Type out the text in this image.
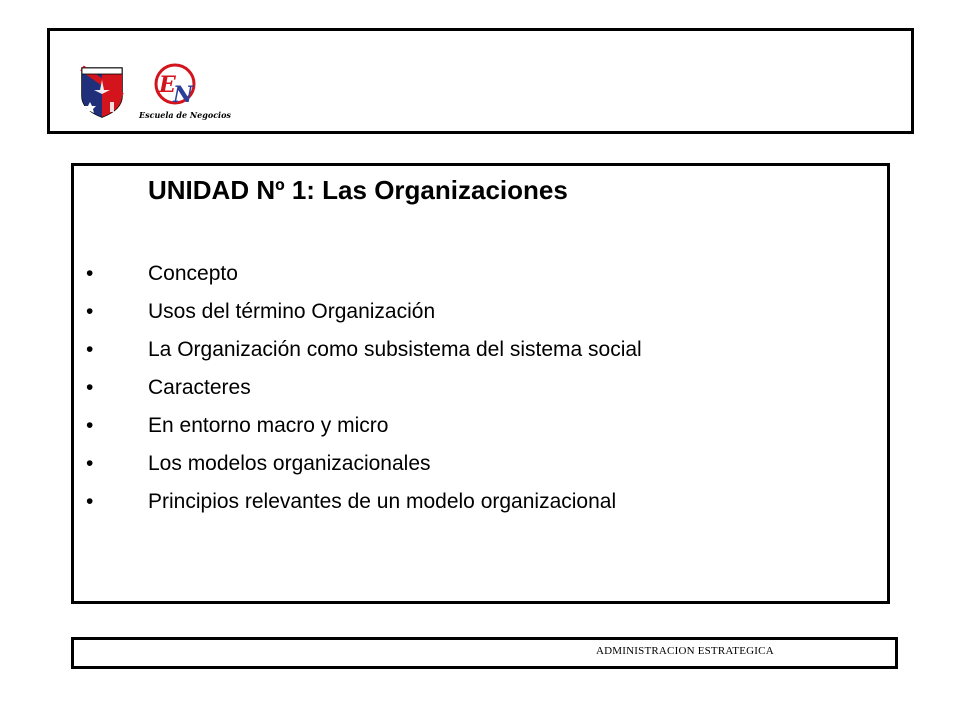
E
N
Escuela de Negocios
UNIDAD Nº 1: Las Organizaciones
•	Concepto
•	Usos del término Organización
•	La Organización como subsistema del sistema social
•	Caracteres
•	En entorno macro y micro
•	Los modelos organizacionales
•	Principios relevantes de un modelo organizacional
ADMINISTRACION ESTRATEGICA
